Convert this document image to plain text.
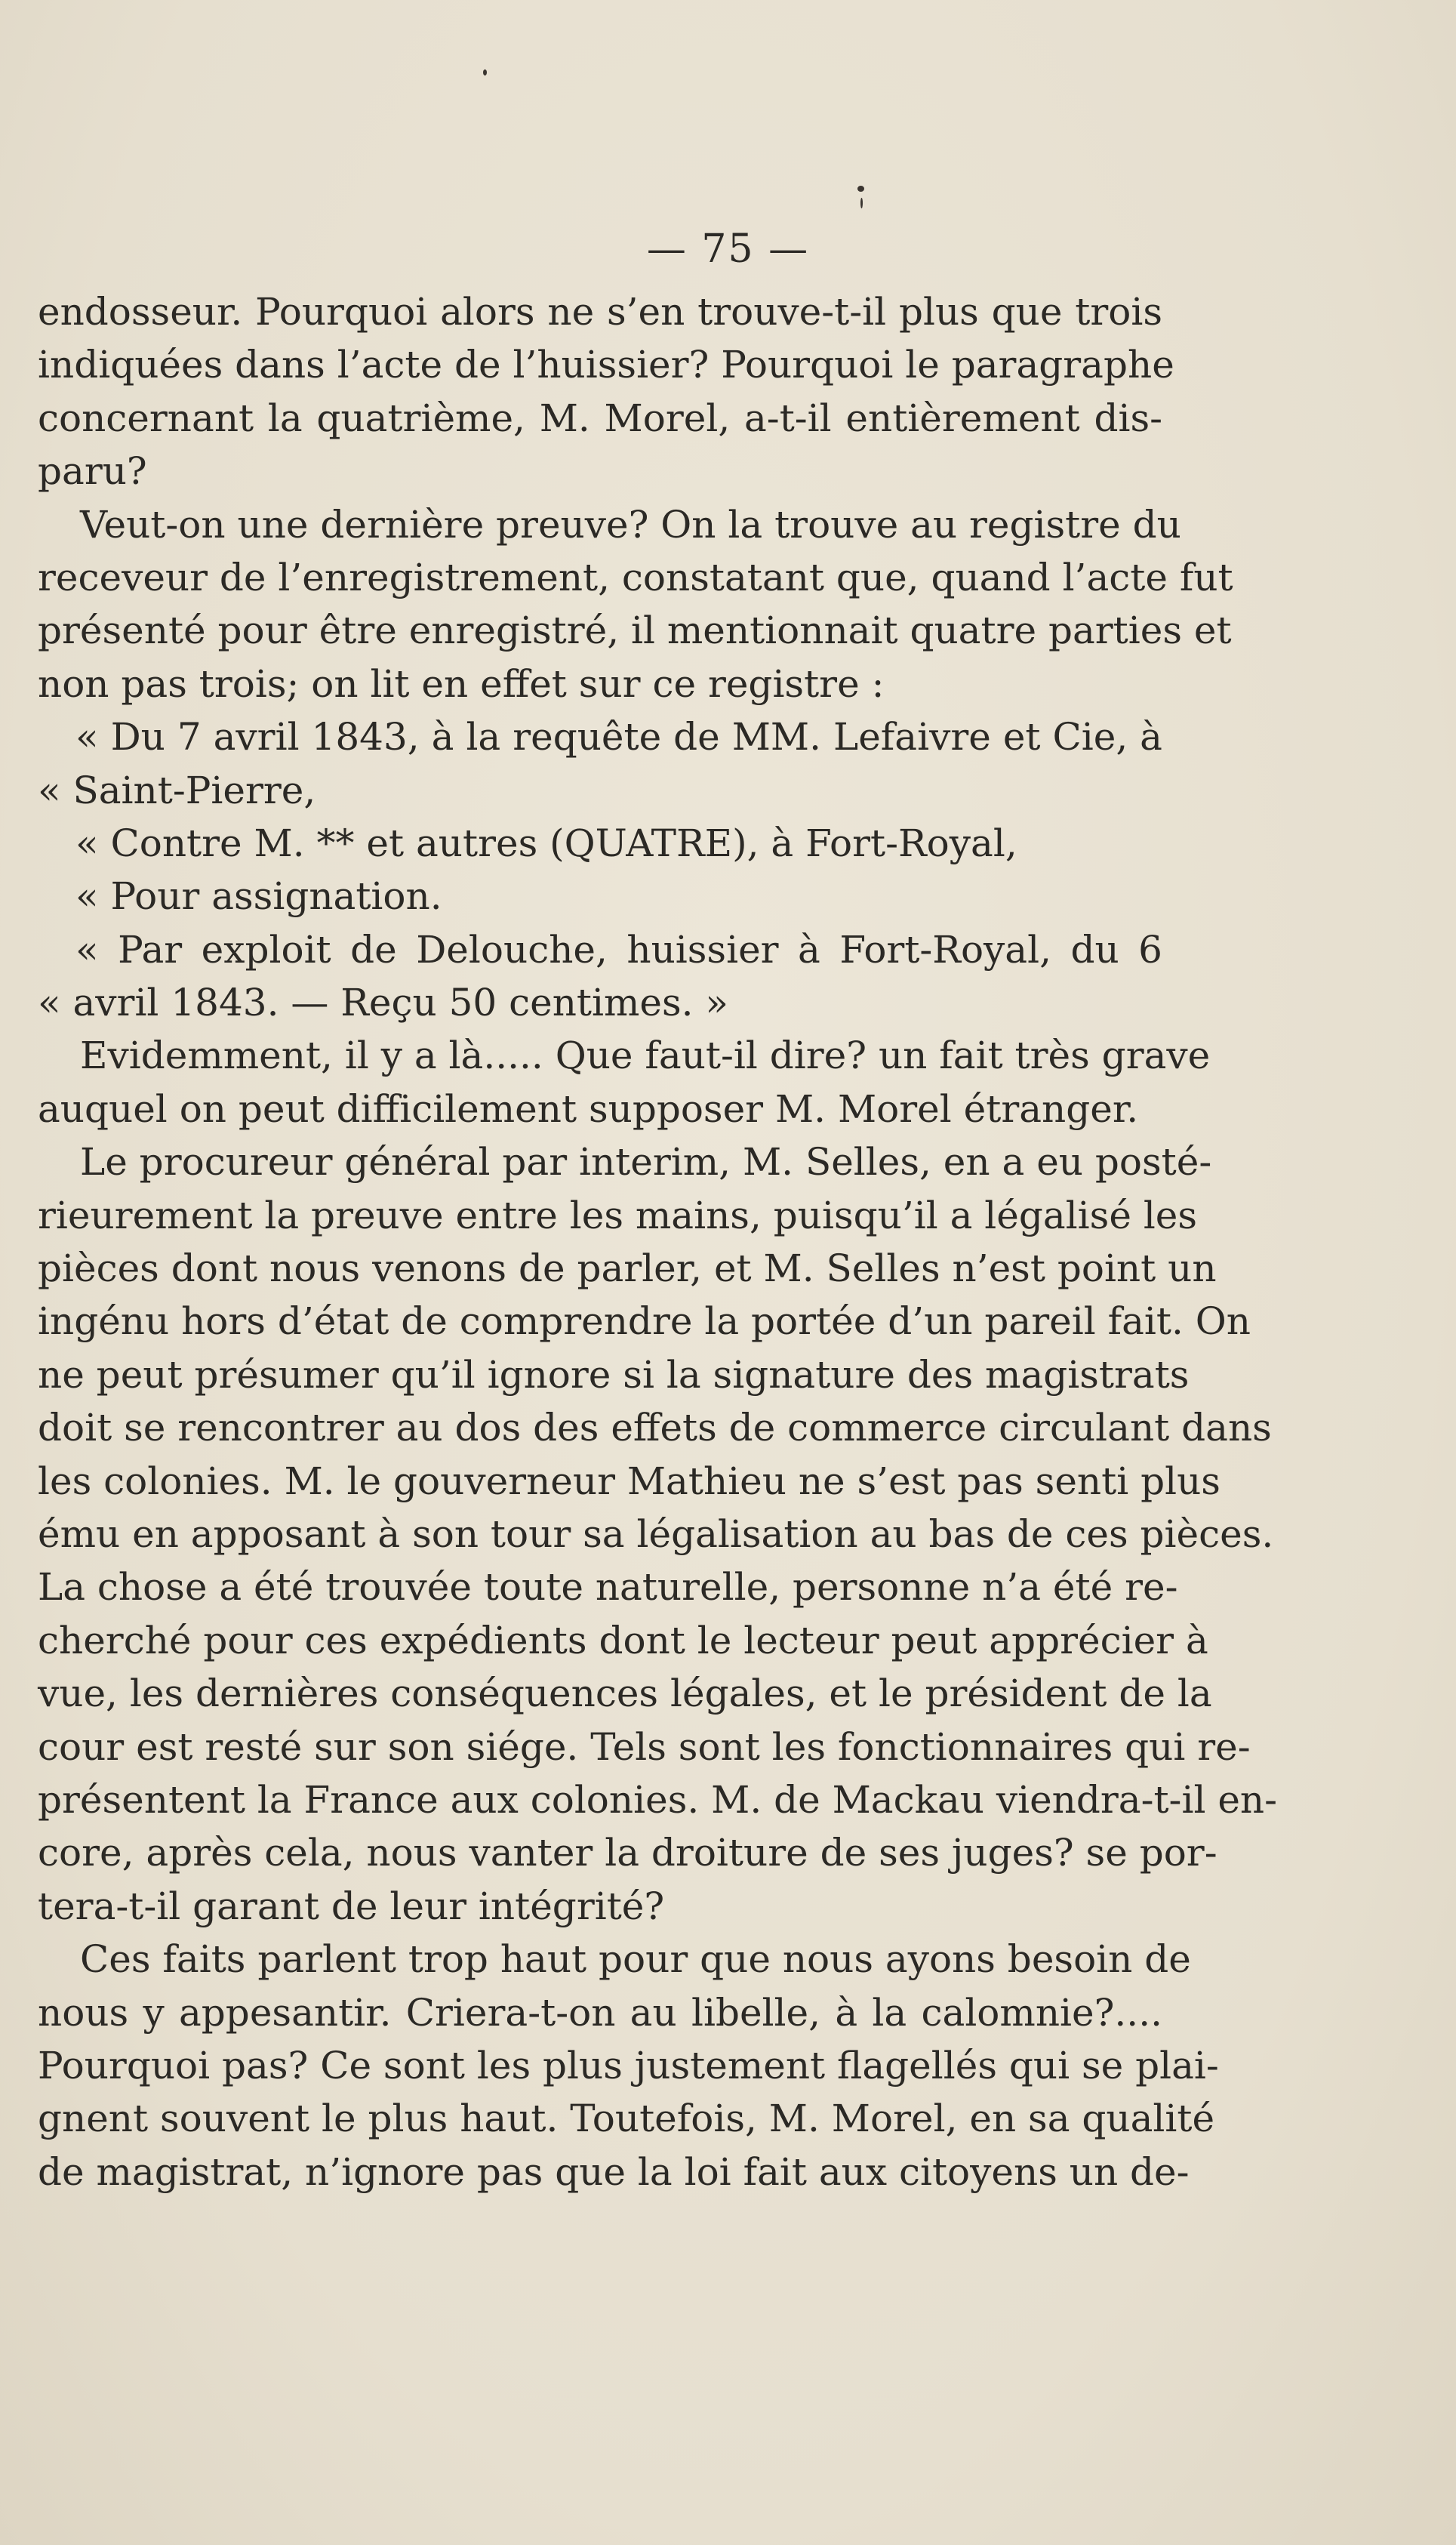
— 75 —
endosseur. Pourquoi alors ne s’en trouve-t-il plus que trois
indiquées dans l’acte de l’huissier? Pourquoi le paragraphe
concernant la quatrième, M. Morel, a-t-il entièrement dis-
paru?
Veut-on une dernière preuve? On la trouve au registre du
receveur de l’enregistrement, constatant que, quand l’acte fut
présenté pour être enregistré, il mentionnait quatre parties et
non pas trois; on lit en effet sur ce registre :
« Du 7 avril 1843, à la requête de MM. Lefaivre et Cie, à
« Saint-Pierre,
« Contre M. ** et autres (QUATRE), à Fort-Royal,
« Pour assignation.
« Par exploit de Delouche, huissier à Fort-Royal, du 6
« avril 1843. — Reçu 50 centimes. »
Evidemment, il y a là..... Que faut-il dire? un fait très grave
auquel on peut difficilement supposer M. Morel étranger.
Le procureur général par interim, M. Selles, en a eu posté-
rieurement la preuve entre les mains, puisqu’il a légalisé les
pièces dont nous venons de parler, et M. Selles n’est point un
ingénu hors d’état de comprendre la portée d’un pareil fait. On
ne peut présumer qu’il ignore si la signature des magistrats
doit se rencontrer au dos des effets de commerce circulant dans
les colonies. M. le gouverneur Mathieu ne s’est pas senti plus
ému en apposant à son tour sa légalisation au bas de ces pièces.
La chose a été trouvée toute naturelle, personne n’a été re-
cherché pour ces expédients dont le lecteur peut apprécier à
vue, les dernières conséquences légales, et le président de la
cour est resté sur son siége. Tels sont les fonctionnaires qui re-
présentent la France aux colonies. M. de Mackau viendra-t-il en-
core, après cela, nous vanter la droiture de ses juges? se por-
tera-t-il garant de leur intégrité?
Ces faits parlent trop haut pour que nous ayons besoin de
nous y appesantir. Criera-t-on au libelle, à la calomnie?....
Pourquoi pas? Ce sont les plus justement flagellés qui se plai-
gnent souvent le plus haut. Toutefois, M. Morel, en sa qualité
de magistrat, n’ignore pas que la loi fait aux citoyens un de-
